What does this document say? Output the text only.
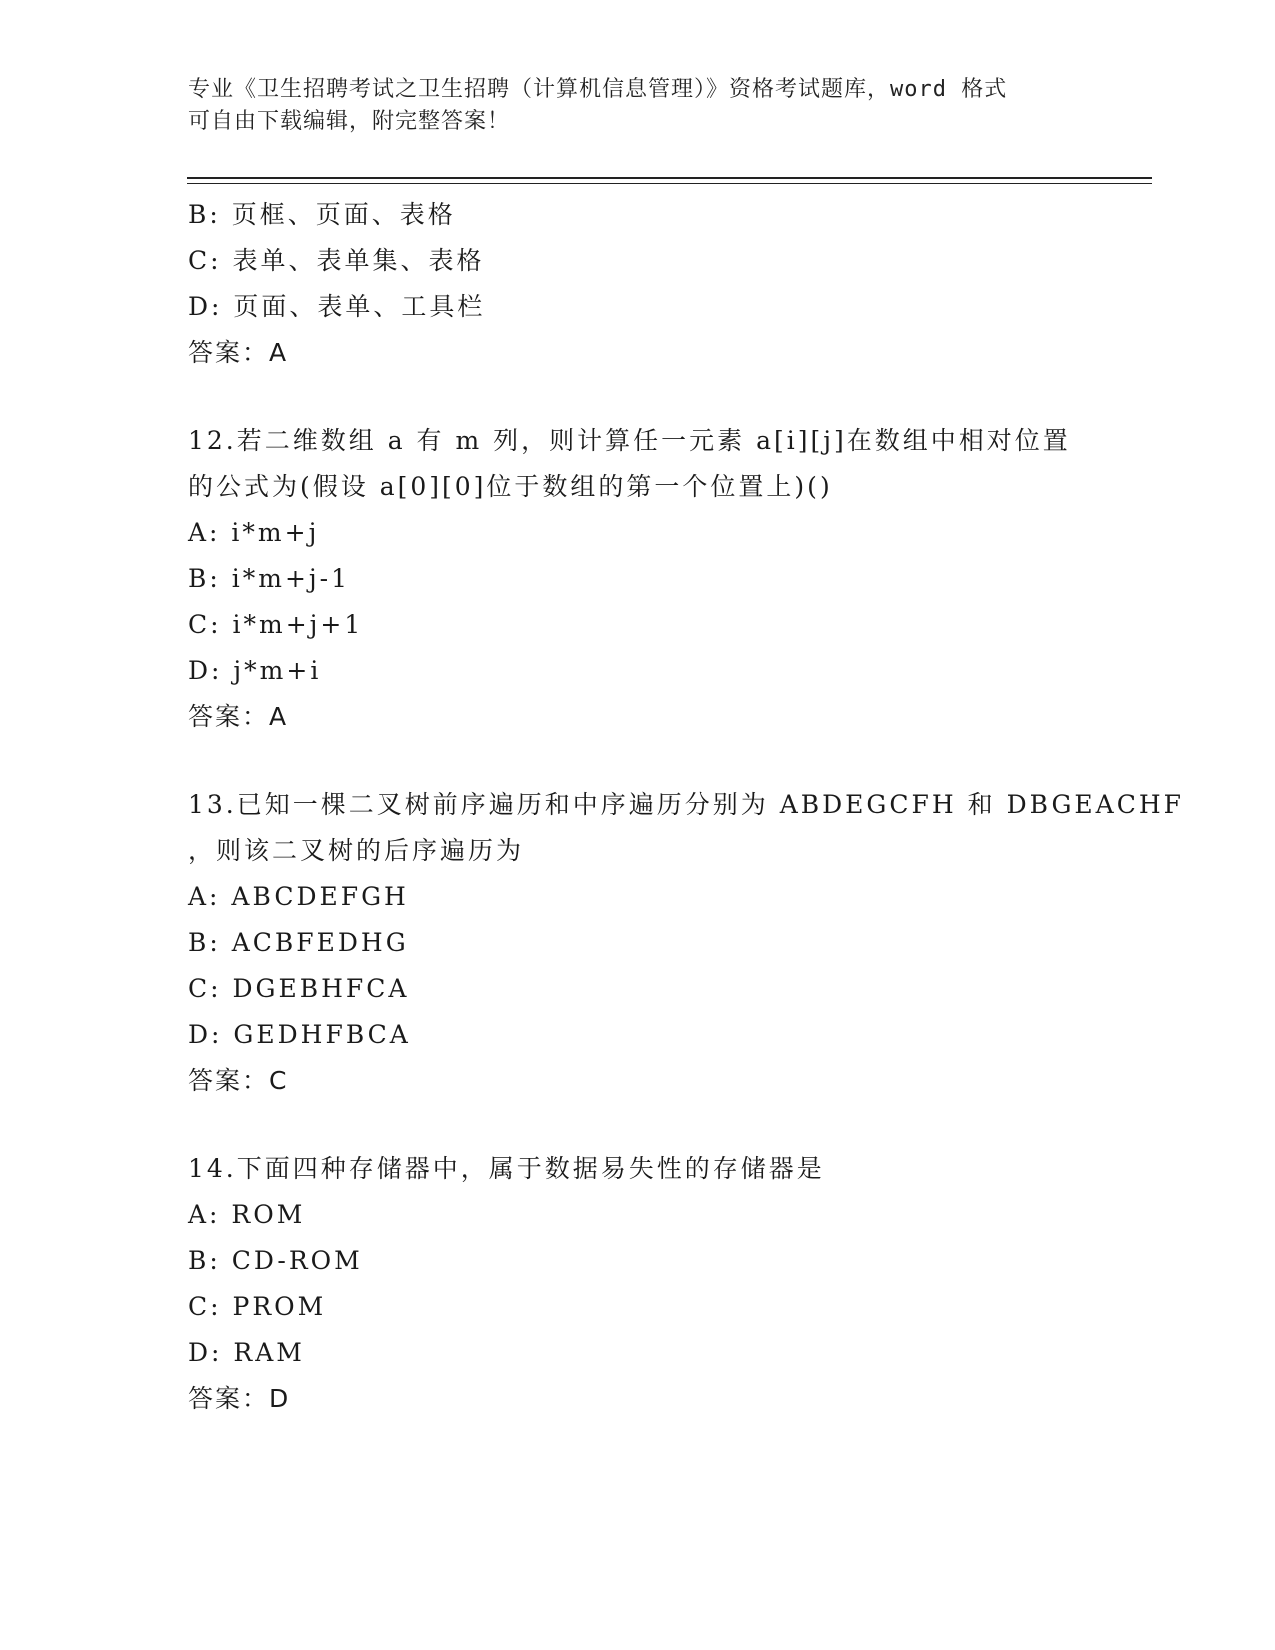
专业《卫生招聘考试之卫生招聘（计算机信息管理）》资格考试题库，word 格式
可自由下载编辑，附完整答案！
B: 页框、页面、表格
C: 表单、表单集、表格
D: 页面、表单、工具栏
答案：A
12.若二维数组 a 有 m 列，则计算任一元素 a[i][j]在数组中相对位置
的公式为(假设 a[0][0]位于数组的第一个位置上)()
A: i*m+j
B: i*m+j-1
C: i*m+j+1
D: j*m+i
答案：A
13.已知一棵二叉树前序遍历和中序遍历分别为 ABDEGCFH 和 DBGEACHF
，则该二叉树的后序遍历为
A: ABCDEFGH
B: ACBFEDHG
C: DGEBHFCA
D: GEDHFBCA
答案：C
14.下面四种存储器中，属于数据易失性的存储器是
A: ROM
B: CD-ROM
C: PROM
D: RAM
答案：D
